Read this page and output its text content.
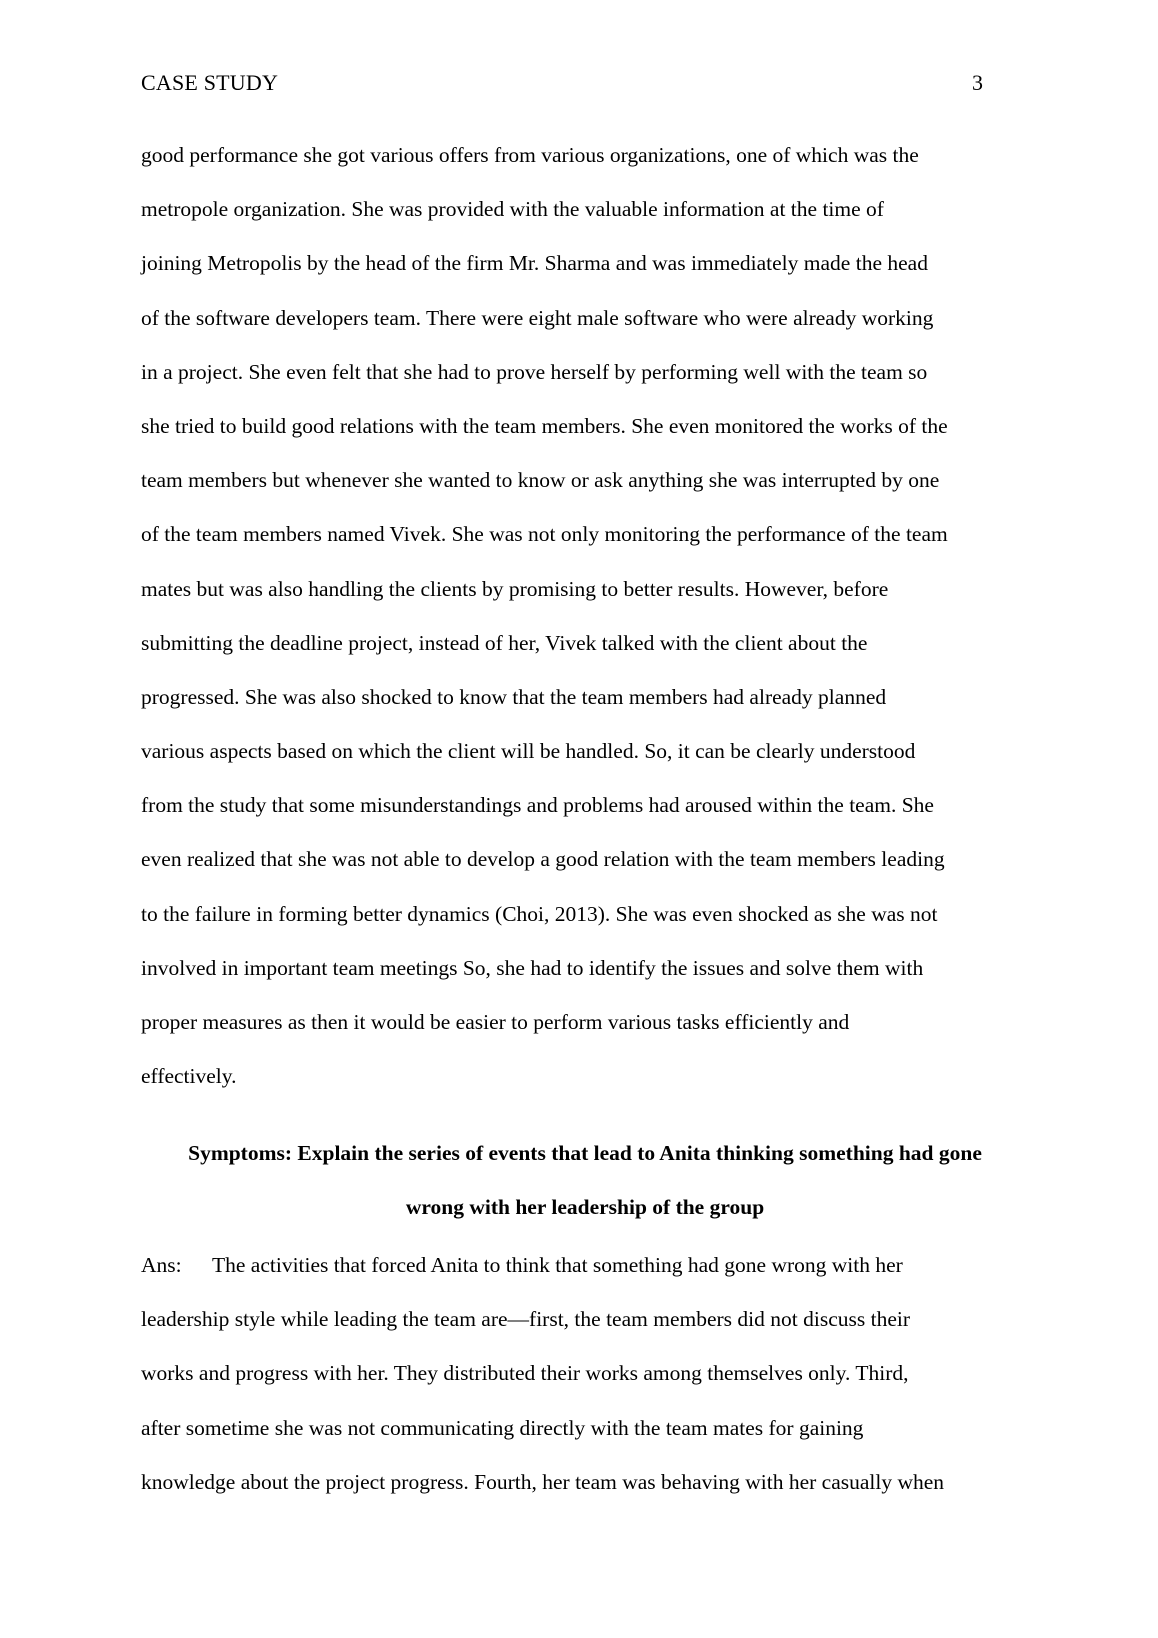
CASE STUDY	3
good performance she got various offers from various organizations, one of which was the
metropole organization. She was provided with the valuable information at the time of
joining Metropolis by the head of the firm Mr. Sharma and was immediately made the head
of the software developers team. There were eight male software who were already working
in a project. She even felt that she had to prove herself by performing well with the team so
she tried to build good relations with the team members. She even monitored the works of the
team members but whenever she wanted to know or ask anything she was interrupted by one
of the team members named Vivek. She was not only monitoring the performance of the team
mates but was also handling the clients by promising to better results. However, before
submitting the deadline project, instead of her, Vivek talked with the client about the
progressed. She was also shocked to know that the team members had already planned
various aspects based on which the client will be handled. So, it can be clearly understood
from the study that some misunderstandings and problems had aroused within the team. She
even realized that she was not able to develop a good relation with the team members leading
to the failure in forming better dynamics (Choi, 2013). She was even shocked as she was not
involved in important team meetings So, she had to identify the issues and solve them with
proper measures as then it would be easier to perform various tasks efficiently and
effectively.
Symptoms: Explain the series of events that lead to Anita thinking something had gone
wrong with her leadership of the group
Ans: The activities that forced Anita to think that something had gone wrong with her
leadership style while leading the team are—first, the team members did not discuss their
works and progress with her. They distributed their works among themselves only. Third,
after sometime she was not communicating directly with the team mates for gaining
knowledge about the project progress. Fourth, her team was behaving with her casually when
